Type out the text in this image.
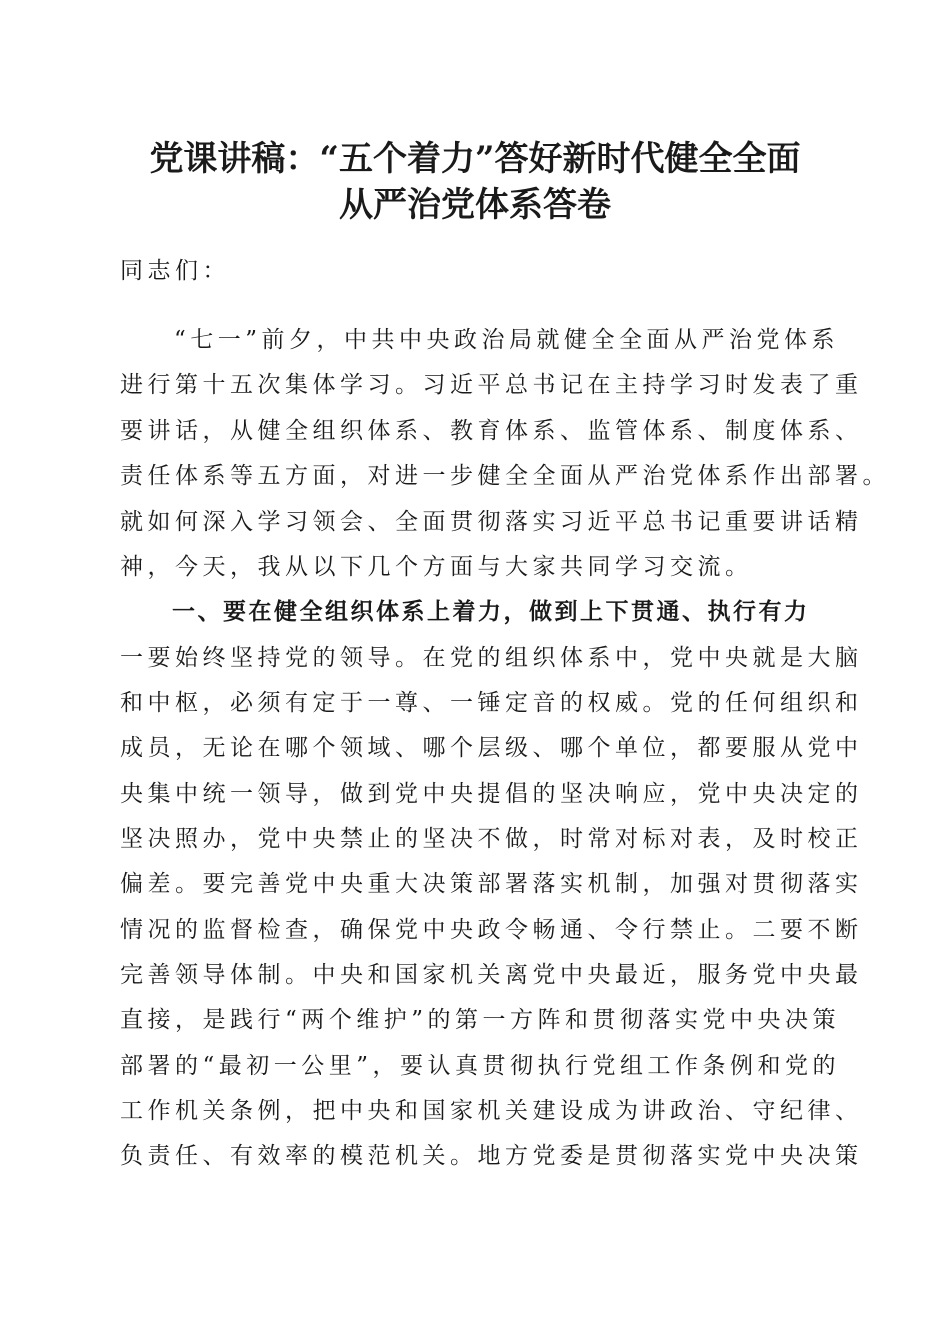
党课讲稿：“五个着力”答好新时代健全全面
从严治党体系答卷
同志们：
“七一”前夕，中共中央政治局就健全全面从严治党体系
进行第十五次集体学习。习近平总书记在主持学习时发表了重
要讲话，从健全组织体系、教育体系、监管体系、制度体系、
责任体系等五方面，对进一步健全全面从严治党体系作出部署。
就如何深入学习领会、全面贯彻落实习近平总书记重要讲话精
神，今天，我从以下几个方面与大家共同学习交流。
一、要在健全组织体系上着力，做到上下贯通、执行有力
一要始终坚持党的领导。在党的组织体系中，党中央就是大脑
和中枢，必须有定于一尊、一锤定音的权威。党的任何组织和
成员，无论在哪个领域、哪个层级、哪个单位，都要服从党中
央集中统一领导，做到党中央提倡的坚决响应，党中央决定的
坚决照办，党中央禁止的坚决不做，时常对标对表，及时校正
偏差。要完善党中央重大决策部署落实机制，加强对贯彻落实
情况的监督检查，确保党中央政令畅通、令行禁止。二要不断
完善领导体制。中央和国家机关离党中央最近，服务党中央最
直接，是践行“两个维护”的第一方阵和贯彻落实党中央决策
部署的“最初一公里”，要认真贯彻执行党组工作条例和党的
工作机关条例，把中央和国家机关建设成为讲政治、守纪律、
负责任、有效率的模范机关。地方党委是贯彻落实党中央决策
